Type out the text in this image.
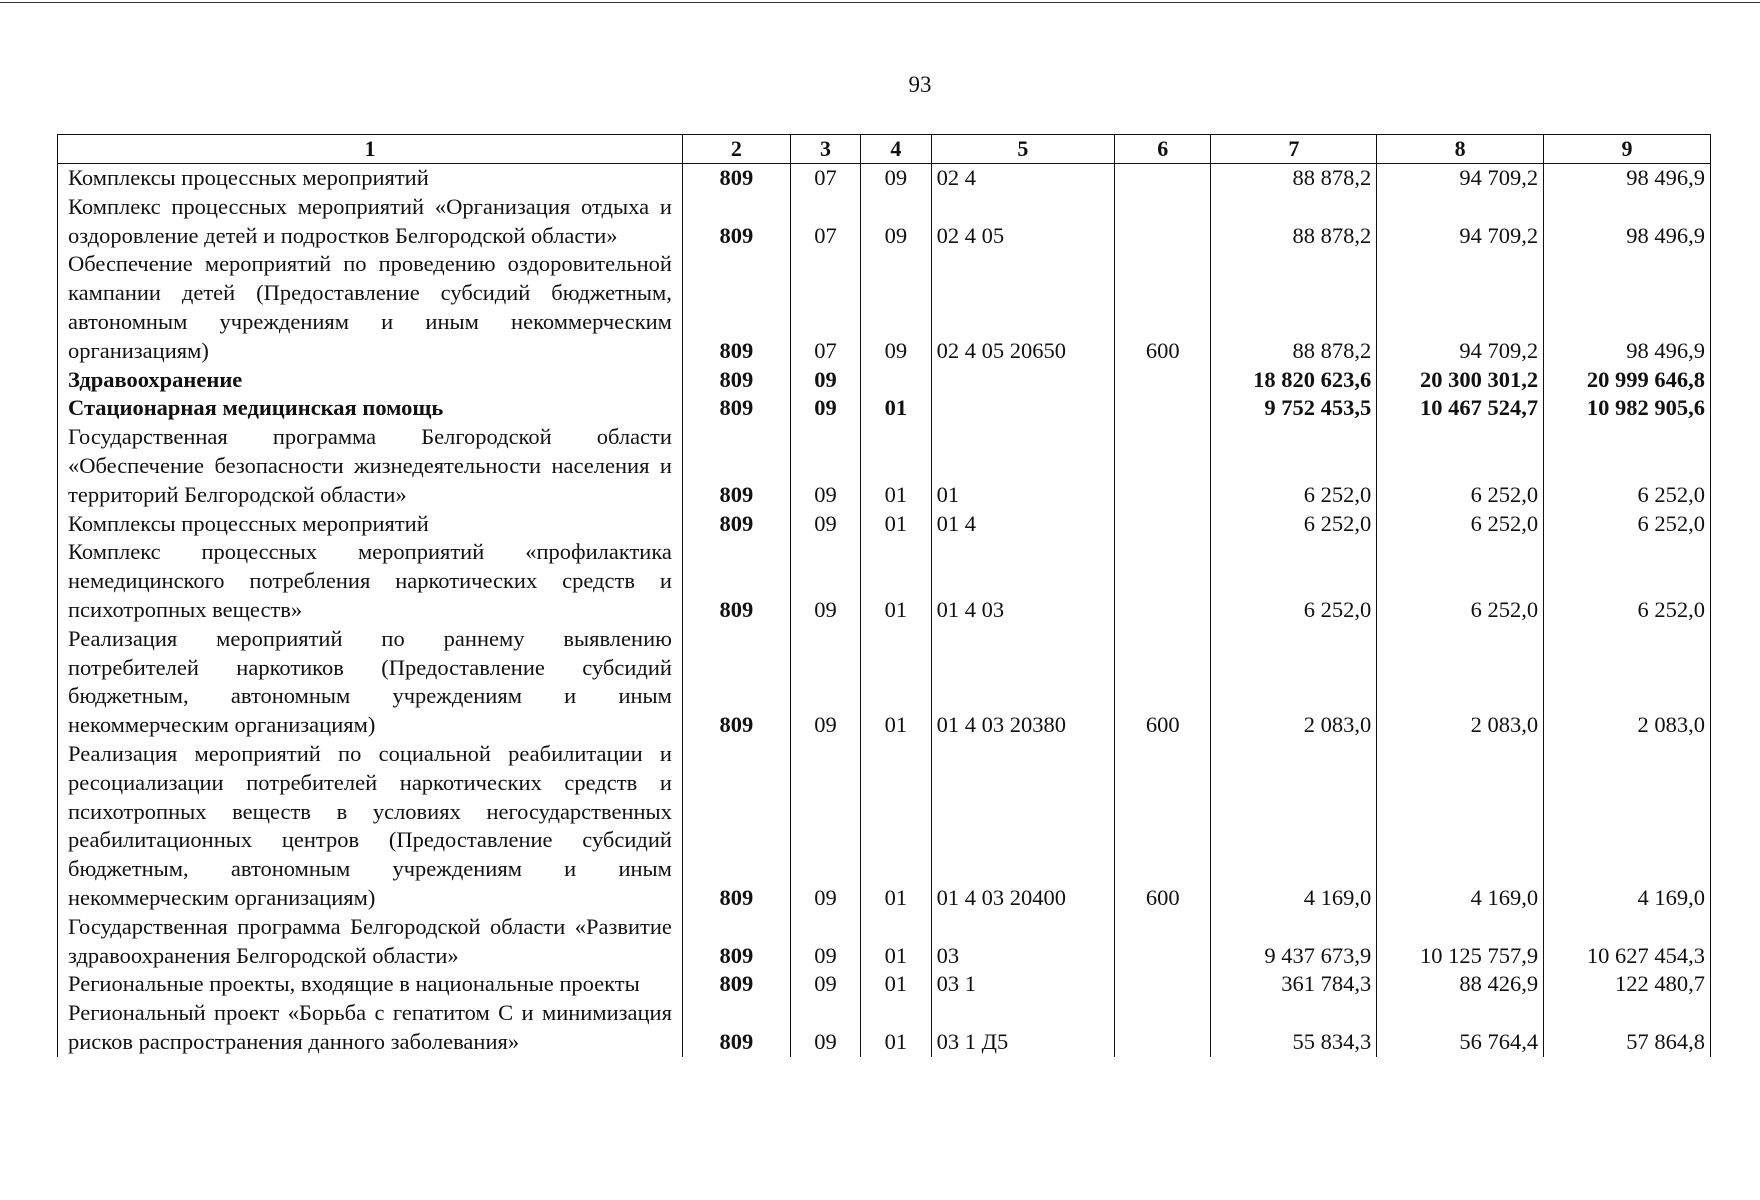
93
1	2	3	4	5	6	7	8	9
Комплексы процессных мероприятий	809	07	09	02 4		88 878,2	94 709,2	98 496,9
Комплекс процессных мероприятий «Организация отдыха и оздоровление детей и подростков Белгородской области»	809	07	09	02 4 05		88 878,2	94 709,2	98 496,9
Обеспечение мероприятий по проведению оздоровительной кампании детей (Предоставление субсидий бюджетным, автономным учреждениям и иным некоммерческим организациям)	809	07	09	02 4 05 20650	600	88 878,2	94 709,2	98 496,9
Здравоохранение	809	09				18 820 623,6	20 300 301,2	20 999 646,8
Стационарная медицинская помощь	809	09	01			9 752 453,5	10 467 524,7	10 982 905,6
Государственная программа Белгородской области «Обеспечение безопасности жизнедеятельности населения и территорий Белгородской области»	809	09	01	01		6 252,0	6 252,0	6 252,0
Комплексы процессных мероприятий	809	09	01	01 4		6 252,0	6 252,0	6 252,0
Комплекс процессных мероприятий «профилактика немедицинского потребления наркотических средств и психотропных веществ»	809	09	01	01 4 03		6 252,0	6 252,0	6 252,0
Реализация мероприятий по раннему выявлению потребителей наркотиков (Предоставление субсидий бюджетным, автономным учреждениям и иным некоммерческим организациям)	809	09	01	01 4 03 20380	600	2 083,0	2 083,0	2 083,0
Реализация мероприятий по социальной реабилитации и ресоциализации потребителей наркотических средств и психотропных веществ в условиях негосударственных реабилитационных центров (Предоставление субсидий бюджетным, автономным учреждениям и иным некоммерческим организациям)	809	09	01	01 4 03 20400	600	4 169,0	4 169,0	4 169,0
Государственная программа Белгородской области «Развитие здравоохранения Белгородской области»	809	09	01	03		9 437 673,9	10 125 757,9	10 627 454,3
Региональные проекты, входящие в национальные проекты	809	09	01	03 1		361 784,3	88 426,9	122 480,7
Региональный проект «Борьба с гепатитом С и минимизация рисков распространения данного заболевания»	809	09	01	03 1 Д5		55 834,3	56 764,4	57 864,8
